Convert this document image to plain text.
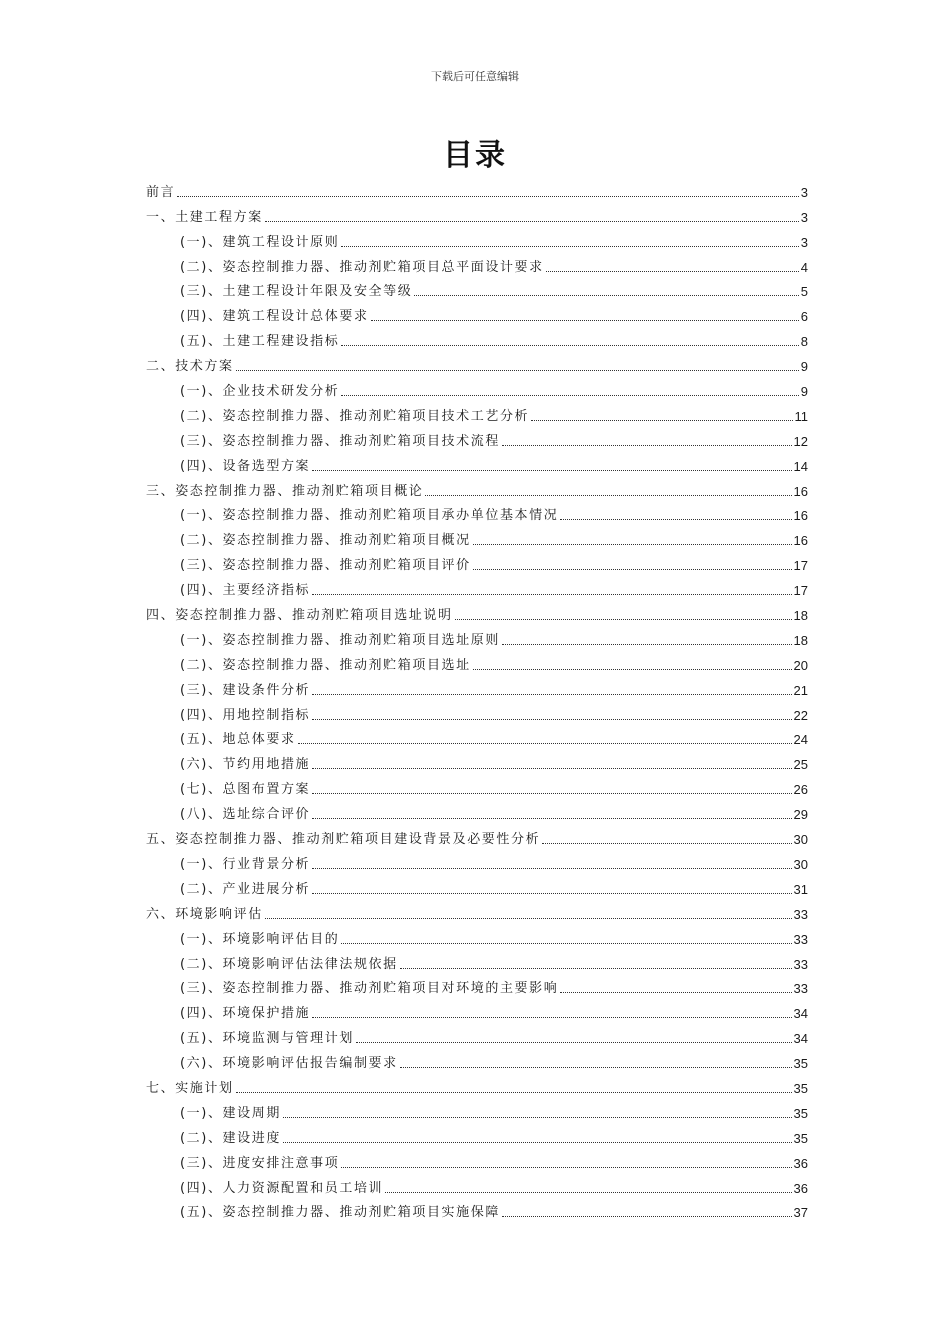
下载后可任意编辑
目录
前言	3
一、土建工程方案	3
(一)、建筑工程设计原则	3
(二)、姿态控制推力器、推动剂贮箱项目总平面设计要求	4
(三)、土建工程设计年限及安全等级	5
(四)、建筑工程设计总体要求	6
(五)、土建工程建设指标	8
二、技术方案	9
(一)、企业技术研发分析	9
(二)、姿态控制推力器、推动剂贮箱项目技术工艺分析	11
(三)、姿态控制推力器、推动剂贮箱项目技术流程	12
(四)、设备选型方案	14
三、姿态控制推力器、推动剂贮箱项目概论	16
(一)、姿态控制推力器、推动剂贮箱项目承办单位基本情况	16
(二)、姿态控制推力器、推动剂贮箱项目概况	16
(三)、姿态控制推力器、推动剂贮箱项目评价	17
(四)、主要经济指标	17
四、姿态控制推力器、推动剂贮箱项目选址说明	18
(一)、姿态控制推力器、推动剂贮箱项目选址原则	18
(二)、姿态控制推力器、推动剂贮箱项目选址	20
(三)、建设条件分析	21
(四)、用地控制指标	22
(五)、地总体要求	24
(六)、节约用地措施	25
(七)、总图布置方案	26
(八)、选址综合评价	29
五、姿态控制推力器、推动剂贮箱项目建设背景及必要性分析	30
(一)、行业背景分析	30
(二)、产业进展分析	31
六、环境影响评估	33
(一)、环境影响评估目的	33
(二)、环境影响评估法律法规依据	33
(三)、姿态控制推力器、推动剂贮箱项目对环境的主要影响	33
(四)、环境保护措施	34
(五)、环境监测与管理计划	34
(六)、环境影响评估报告编制要求	35
七、实施计划	35
(一)、建设周期	35
(二)、建设进度	35
(三)、进度安排注意事项	36
(四)、人力资源配置和员工培训	36
(五)、姿态控制推力器、推动剂贮箱项目实施保障	37
